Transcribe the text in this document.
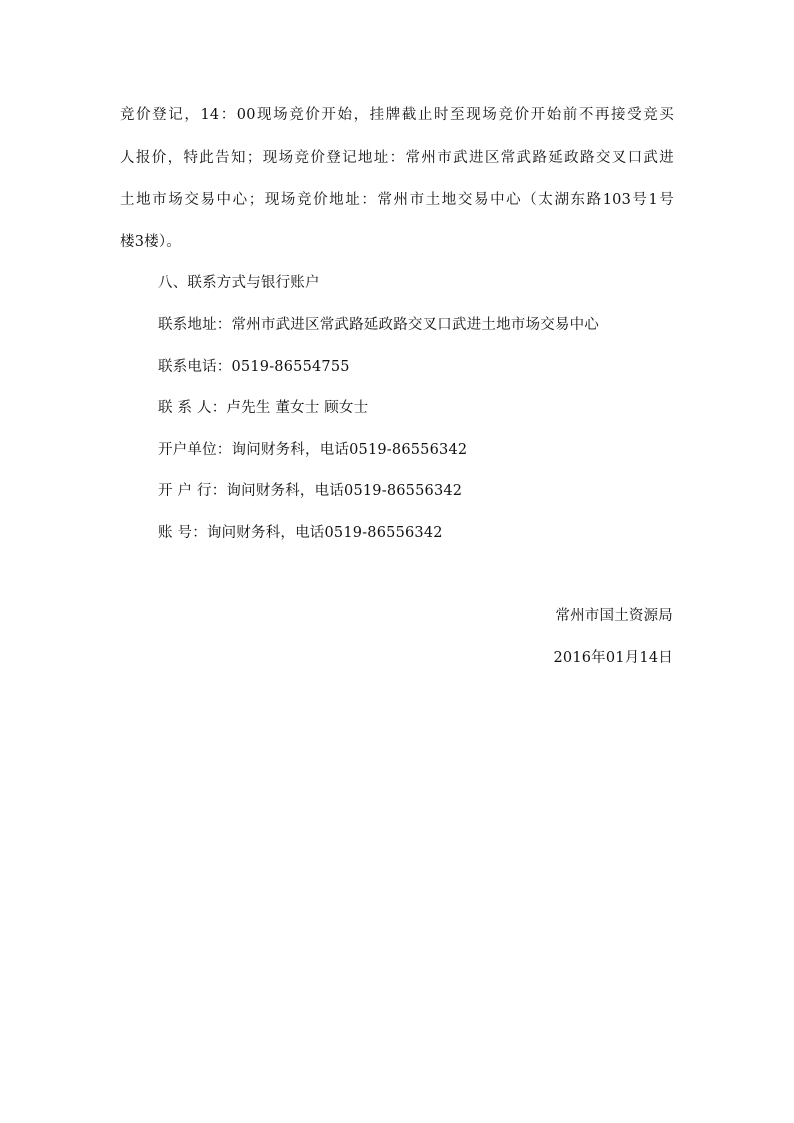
竞价登记，14：00现场竞价开始，挂牌截止时至现场竞价开始前不再接受竞买
人报价，特此告知；现场竞价登记地址：常州市武进区常武路延政路交叉口武进
土地市场交易中心；现场竞价地址：常州市土地交易中心（太湖东路103号1号
楼3楼）。
八、联系方式与银行账户
联系地址：常州市武进区常武路延政路交叉口武进土地市场交易中心
联系电话：0519-86554755
联 系 人：卢先生 董女士 顾女士
开户单位：询问财务科，电话0519-86556342
开 户 行：询问财务科，电话0519-86556342
账 号：询问财务科，电话0519-86556342
常州市国土资源局
2016年01月14日
